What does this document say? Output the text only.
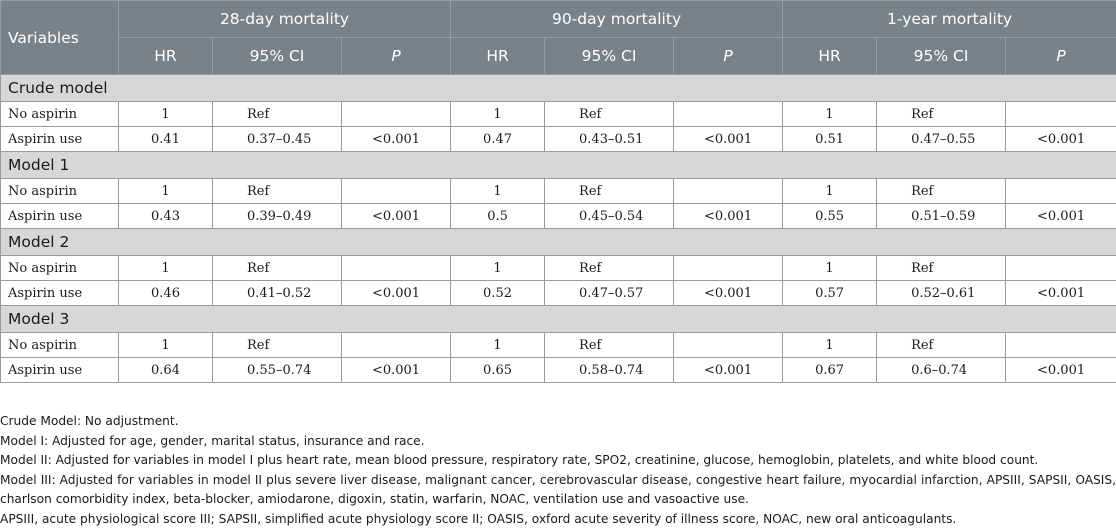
Variables	28-day mortality			90-day mortality			1-year mortality		
	HR	95% CI	P	HR	95% CI	P	HR	95% CI	P
Crude model									
No aspirin	1	Ref		1	Ref		1	Ref	
Aspirin use	0.41	0.37–0.45	<0.001	0.47	0.43–0.51	<0.001	0.51	0.47–0.55	<0.001
Model 1									
No aspirin	1	Ref		1	Ref		1	Ref	
Aspirin use	0.43	0.39–0.49	<0.001	0.5	0.45–0.54	<0.001	0.55	0.51–0.59	<0.001
Model 2									
No aspirin	1	Ref		1	Ref		1	Ref	
Aspirin use	0.46	0.41–0.52	<0.001	0.52	0.47–0.57	<0.001	0.57	0.52–0.61	<0.001
Model 3									
No aspirin	1	Ref		1	Ref		1	Ref	
Aspirin use	0.64	0.55–0.74	<0.001	0.65	0.58–0.74	<0.001	0.67	0.6–0.74	<0.001
Crude Model: No adjustment.
Model I: Adjusted for age, gender, marital status, insurance and race.
Model II: Adjusted for variables in model I plus heart rate, mean blood pressure, respiratory rate, SPO2, creatinine, glucose, hemoglobin, platelets, and white blood count.
Model III: Adjusted for variables in model II plus severe liver disease, malignant cancer, cerebrovascular disease, congestive heart failure, myocardial infarction, APSIII, SAPSII, OASIS, charlson comorbidity index, beta-blocker, amiodarone, digoxin, statin, warfarin, NOAC, ventilation use and vasoactive use.
APSIII, acute physiological score III; SAPSII, simplified acute physiology score II; OASIS, oxford acute severity of illness score, NOAC, new oral anticoagulants.
